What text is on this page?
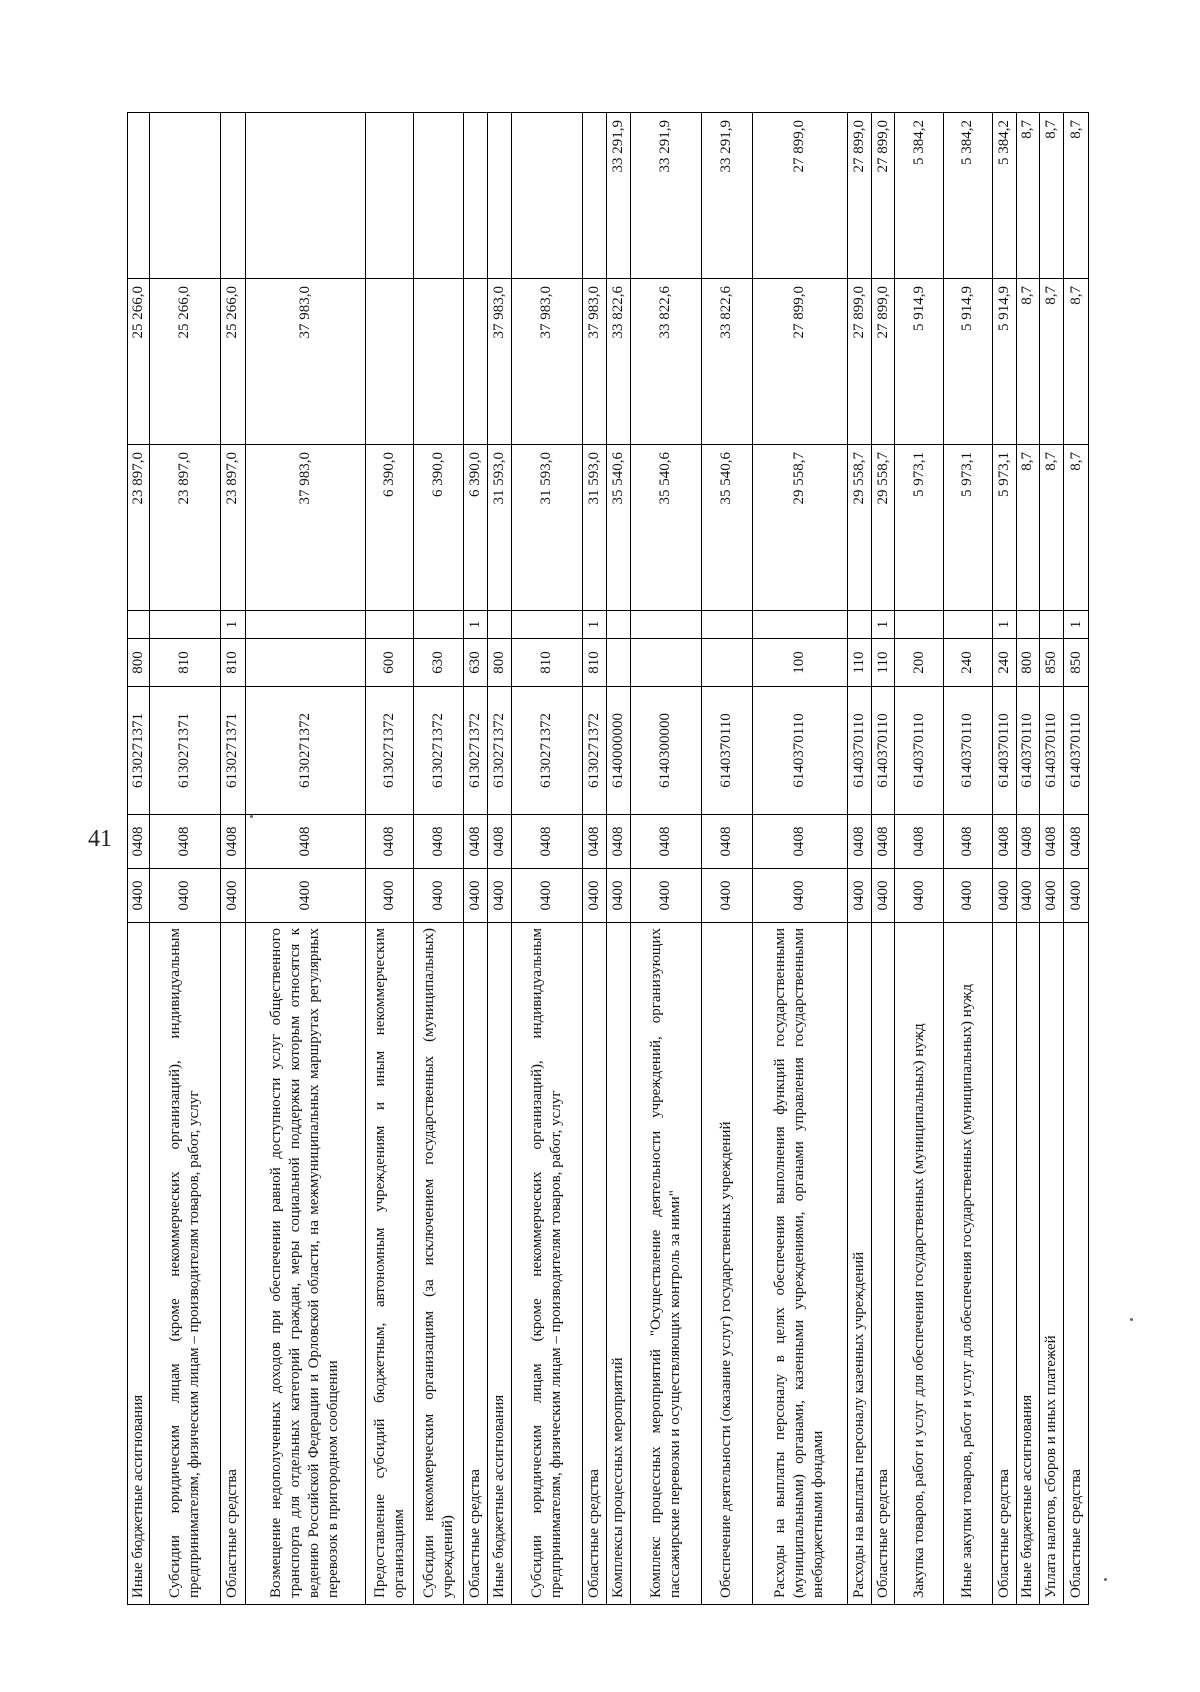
41
Иные бюджетные ассигнования	0400	0408	6130271371	800		23 897,0	25 266,0	

Субсидии юридическим лицам (кроме некоммерческих организаций), индивидуальным предпринимателям, физическим лицам – производителям товаров, работ, услуг	0400	0408	6130271371	810		23 897,0	25 266,0	

Областные средства	0400	0408	6130271371	810	1	23 897,0	25 266,0	

Возмещение недополученных доходов при обеспечении равной доступности услуг общественного транспорта для отдельных категорий граждан, меры социальной поддержки которым относятся к ведению Российской Федерации и Орловской области, на межмуниципальных маршрутах регулярных перевозок в пригородном сообщении	0400	0408	6130271372			37 983,0	37 983,0	

Предоставление субсидий бюджетным, автономным учреждениям и иным некоммерческим организациям	0400	0408	6130271372	600		6 390,0		

Субсидии некоммерческим организациям (за исключением государственных (муниципальных) учреждений)	0400	0408	6130271372	630		6 390,0		

Областные средства	0400	0408	6130271372	630	1	6 390,0		

Иные бюджетные ассигнования	0400	0408	6130271372	800		31 593,0	37 983,0	

Субсидии юридическим лицам (кроме некоммерческих организаций), индивидуальным предпринимателям, физическим лицам – производителям товаров, работ, услуг	0400	0408	6130271372	810		31 593,0	37 983,0	

Областные средства	0400	0408	6130271372	810	1	31 593,0	37 983,0	

Комплексы процессных мероприятий	0400	0408	6140000000			35 540,6	33 822,6	33 291,9

Комплекс процессных мероприятий "Осуществление деятельности учреждений, организующих пассажирские перевозки и осуществляющих контроль за ними"	0400	0408	6140300000			35 540,6	33 822,6	33 291,9

Обеспечение деятельности (оказание услуг) государственных учреждений	0400	0408	6140370110			35 540,6	33 822,6	33 291,9

Расходы на выплаты персоналу в целях обеспечения выполнения функций государственными (муниципальными) органами, казенными учреждениями, органами управления государственными внебюджетными фондами	0400	0408	6140370110	100		29 558,7	27 899,0	27 899,0

Расходы на выплаты персоналу казенных учреждений	0400	0408	6140370110	110		29 558,7	27 899,0	27 899,0

Областные средства	0400	0408	6140370110	110	1	29 558,7	27 899,0	27 899,0

Закупка товаров, работ и услуг для обеспечения государственных (муниципальных) нужд	0400	0408	6140370110	200		5 973,1	5 914,9	5 384,2

Иные закупки товаров, работ и услуг для обеспечения государственных (муниципальных) нужд	0400	0408	6140370110	240		5 973,1	5 914,9	5 384,2

Областные средства	0400	0408	6140370110	240	1	5 973,1	5 914,9	5 384,2

Иные бюджетные ассигнования	0400	0408	6140370110	800		8,7	8,7	8,7

Уплата налогов, сборов и иных платежей	0400	0408	6140370110	850		8,7	8,7	8,7

Областные средства	0400	0408	6140370110	850	1	8,7	8,7	8,7
